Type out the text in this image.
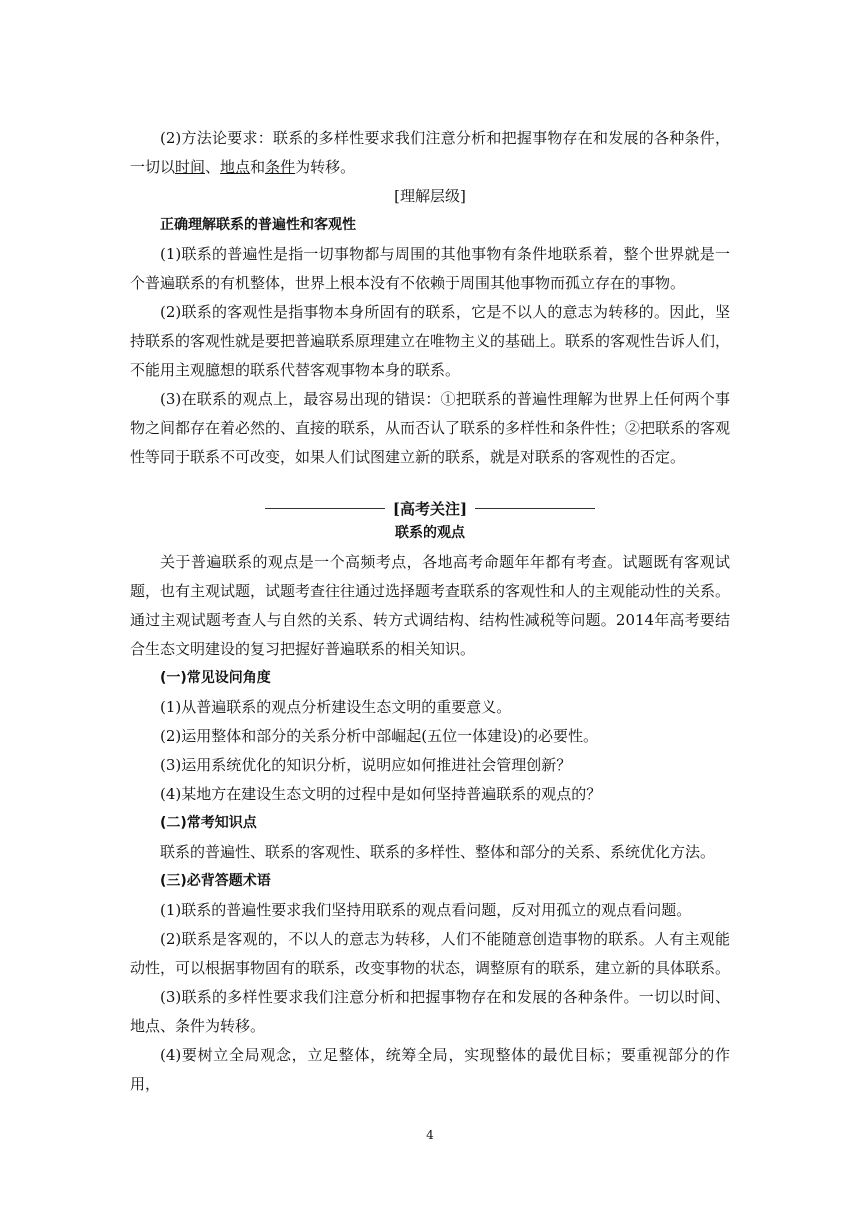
(2)方法论要求：联系的多样性要求我们注意分析和把握事物存在和发展的各种条件，一切以时间、地点和条件为转移。

[理解层级]

正确理解联系的普遍性和客观性

(1)联系的普遍性是指一切事物都与周围的其他事物有条件地联系着，整个世界就是一个普遍联系的有机整体，世界上根本没有不依赖于周围其他事物而孤立存在的事物。

(2)联系的客观性是指事物本身所固有的联系，它是不以人的意志为转移的。因此，坚持联系的客观性就是要把普遍联系原理建立在唯物主义的基础上。联系的客观性告诉人们，不能用主观臆想的联系代替客观事物本身的联系。

(3)在联系的观点上，最容易出现的错误：①把联系的普遍性理解为世界上任何两个事物之间都存在着必然的、直接的联系，从而否认了联系的多样性和条件性；②把联系的客观性等同于联系不可改变，如果人们试图建立新的联系，就是对联系的客观性的否定。

[高考关注]

联系的观点

关于普遍联系的观点是一个高频考点，各地高考命题年年都有考查。试题既有客观试题，也有主观试题，试题考查往往通过选择题考查联系的客观性和人的主观能动性的关系。通过主观试题考查人与自然的关系、转方式调结构、结构性减税等问题。2014年高考要结合生态文明建设的复习把握好普遍联系的相关知识。

(一)常见设问角度

(1)从普遍联系的观点分析建设生态文明的重要意义。

(2)运用整体和部分的关系分析中部崛起(五位一体建设)的必要性。

(3)运用系统优化的知识分析，说明应如何推进社会管理创新？

(4)某地方在建设生态文明的过程中是如何坚持普遍联系的观点的？

(二)常考知识点

联系的普遍性、联系的客观性、联系的多样性、整体和部分的关系、系统优化方法。

(三)必背答题术语

(1)联系的普遍性要求我们坚持用联系的观点看问题，反对用孤立的观点看问题。

(2)联系是客观的，不以人的意志为转移，人们不能随意创造事物的联系。人有主观能动性，可以根据事物固有的联系，改变事物的状态，调整原有的联系，建立新的具体联系。

(3)联系的多样性要求我们注意分析和把握事物存在和发展的各种条件。一切以时间、地点、条件为转移。

(4)要树立全局观念，立足整体，统筹全局，实现整体的最优目标；要重视部分的作用，

4
